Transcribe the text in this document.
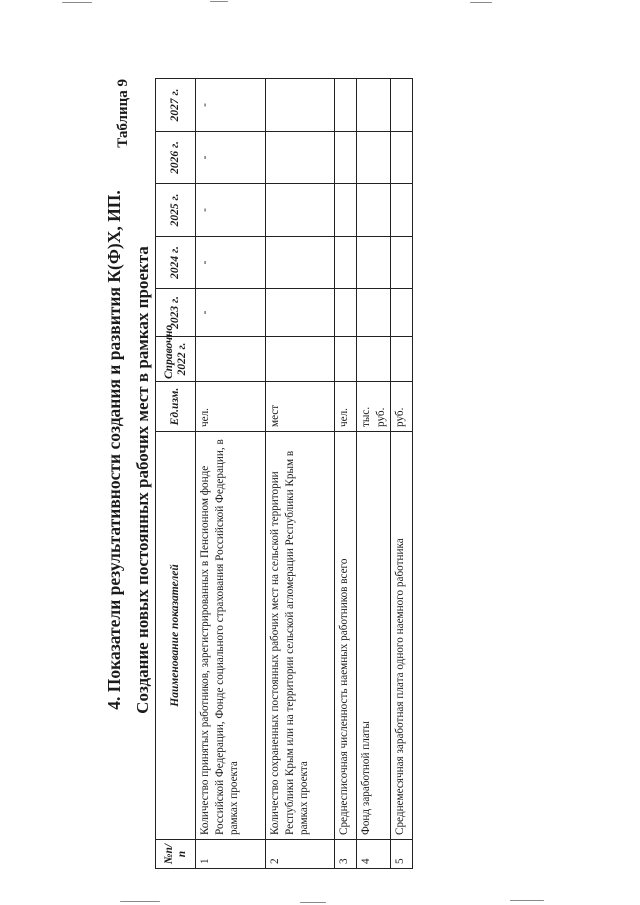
4. Показатели результативности создания и развития К(Ф)Х, ИП.
Таблица 9
Создание новых постоянных рабочих мест в рамках проекта
№п/п	Наименование показателей	Ед.изм.	Справочно 2022 г.	2023 г.	2024 г.	2025 г.	2026 г.	2027 г.
1	Количество принятых работников, зарегистрированных в Пенсионном фонде Российской Федерации, Фонде социального страхования Российской Федерации, в рамках проекта	чел.		-	-	-	-	-
2	Количество сохраненных постоянных рабочих мест на сельской территории Республики Крым или на территории сельской агломерации Республики Крым в рамках проекта	мест						
3	Среднесписочная численность наемных работников всего	чел.						
4	Фонд заработной платы	тыс. руб.						
5	Среднемесячная заработная плата одного наемного работника	руб.						
